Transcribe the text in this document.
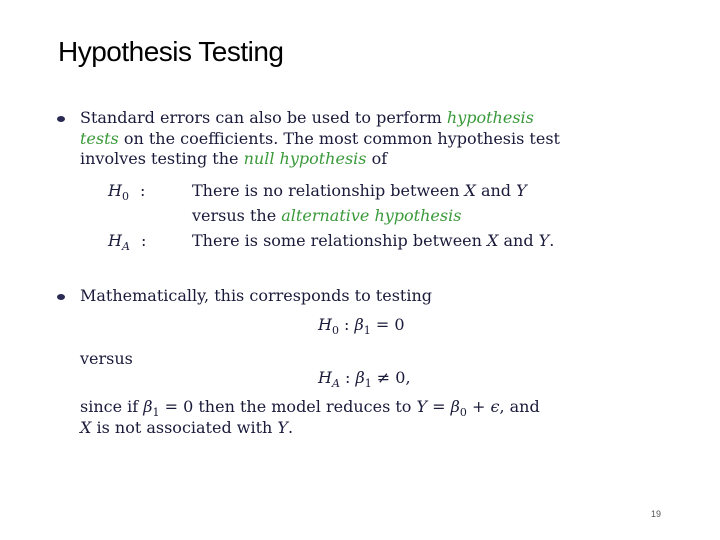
Hypothesis Testing
Standard errors can also be used to perform hypothesis
tests on the coefficients. The most common hypothesis test
involves testing the null hypothesis of
$H_0$ :	There is no relationship between X and Y
versus the alternative hypothesis
$H_A$ :	There is some relationship between X and Y.
Mathematically, this corresponds to testing
$H_0$ : $\beta_1 = 0$
versus
$H_A$ : $\beta_1 \ne 0$,
since if $\beta_1 = 0$ then the model reduces to $Y = \beta_0 + \epsilon$, and
X is not associated with Y.
19
